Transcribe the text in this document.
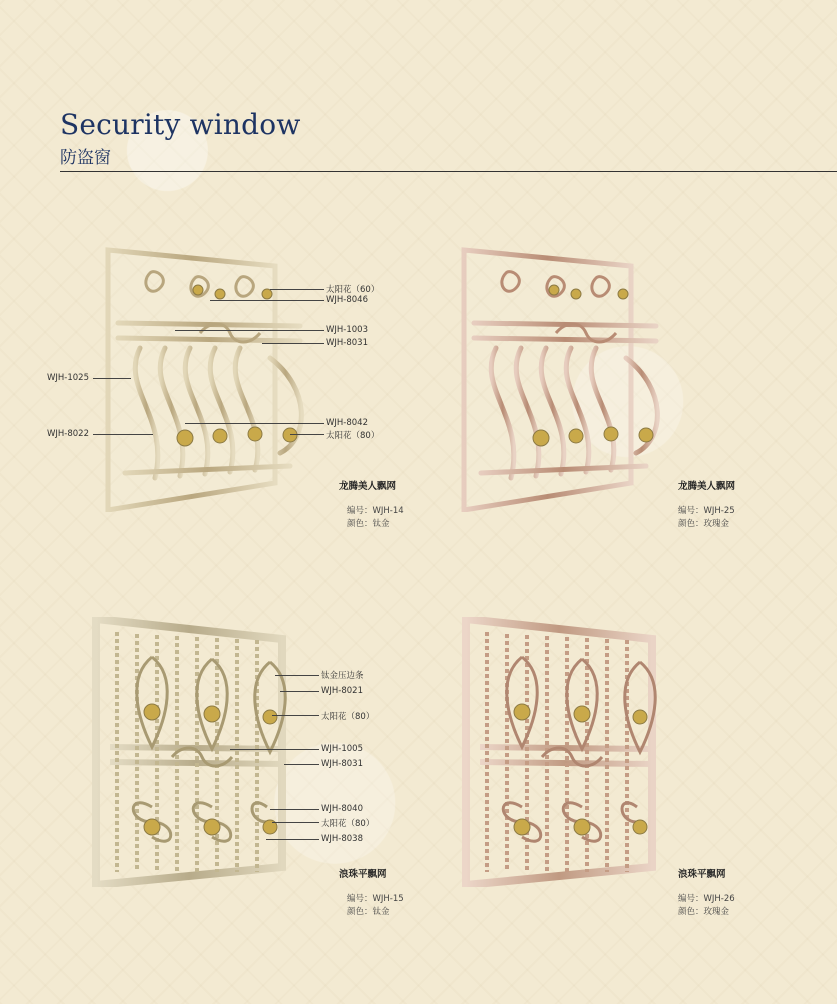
Security window
防盗窗
太阳花（60）
WJH-8046
WJH-1003
WJH-8031
WJH-1025
WJH-8022
WJH-8042
太阳花（80）
龙腾美人飘网
编号：WJH-14
颜色：钛金
龙腾美人飘网
编号：WJH-25
颜色：玫瑰金
钛金压边条
WJH-8021
太阳花（80）
WJH-1005
WJH-8031
WJH-8040
太阳花（80）
WJH-8038
浪珠平飘网
编号：WJH-15
颜色：钛金
浪珠平飘网
编号：WJH-26
颜色：玫瑰金
